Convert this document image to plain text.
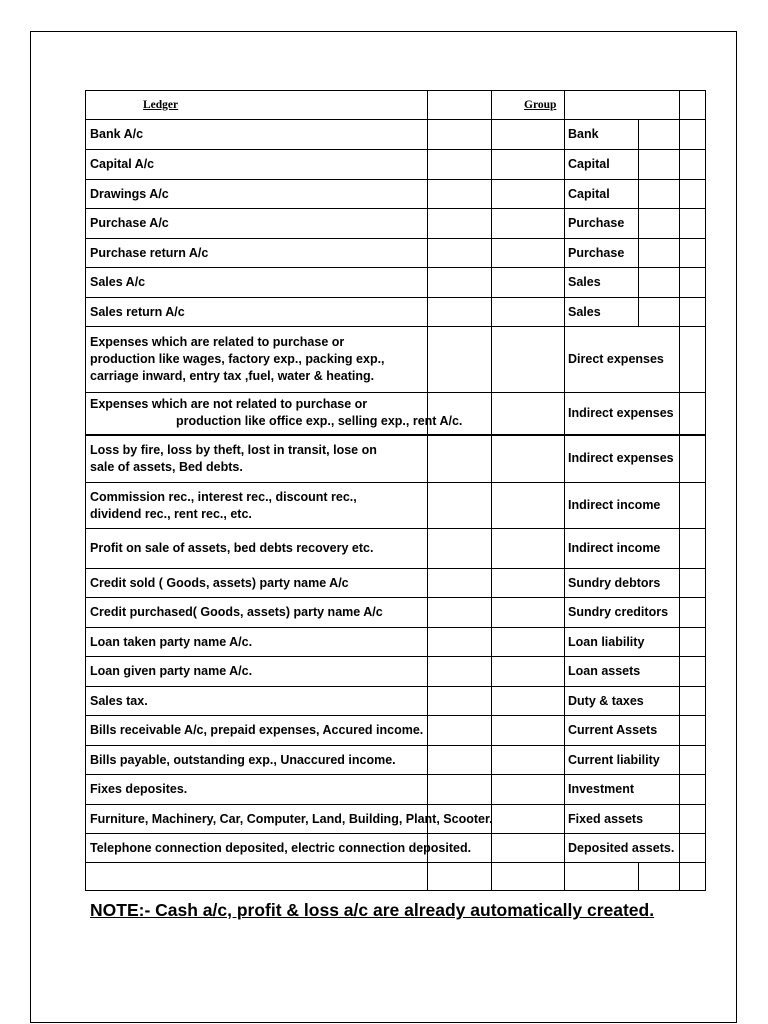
Ledger		Group			
Bank A/c			Bank		
Capital A/c			Capital		
Drawings A/c			Capital		
Purchase A/c			Purchase		
Purchase return A/c			Purchase		
Sales A/c			Sales		
Sales return A/c			Sales		

Expenses which are related to purchase or
production like wages, factory exp., packing exp.,
carriage inward, entry tax ,fuel, water & heating.			Direct expenses		

Expenses which are not related to purchase or
production like office exp., selling exp., rent A/c.			Indirect expenses		

Loss by fire, loss by theft, lost in transit, lose on
sale of assets, Bed debts.			Indirect expenses		

Commission rec., interest rec., discount rec.,
dividend rec., rent rec., etc.			Indirect income		
Profit on sale of assets, bed debts recovery etc.			Indirect income		
Credit sold ( Goods, assets) party name A/c			Sundry debtors		
Credit purchased( Goods, assets) party name A/c			Sundry creditors		
Loan taken party name A/c.			Loan liability		
Loan given party name A/c.			Loan assets		
Sales tax.			Duty & taxes		
Bills receivable A/c, prepaid expenses, Accured income.			Current Assets		
Bills payable, outstanding exp., Unaccured income.			Current liability		
Fixes deposites.			Investment		
Furniture, Machinery, Car, Computer, Land, Building, Plant, Scooter.			Fixed assets		
Telephone connection deposited, electric connection deposited.			Deposited assets.		

NOTE:- Cash a/c, profit & loss a/c are already automatically created.
